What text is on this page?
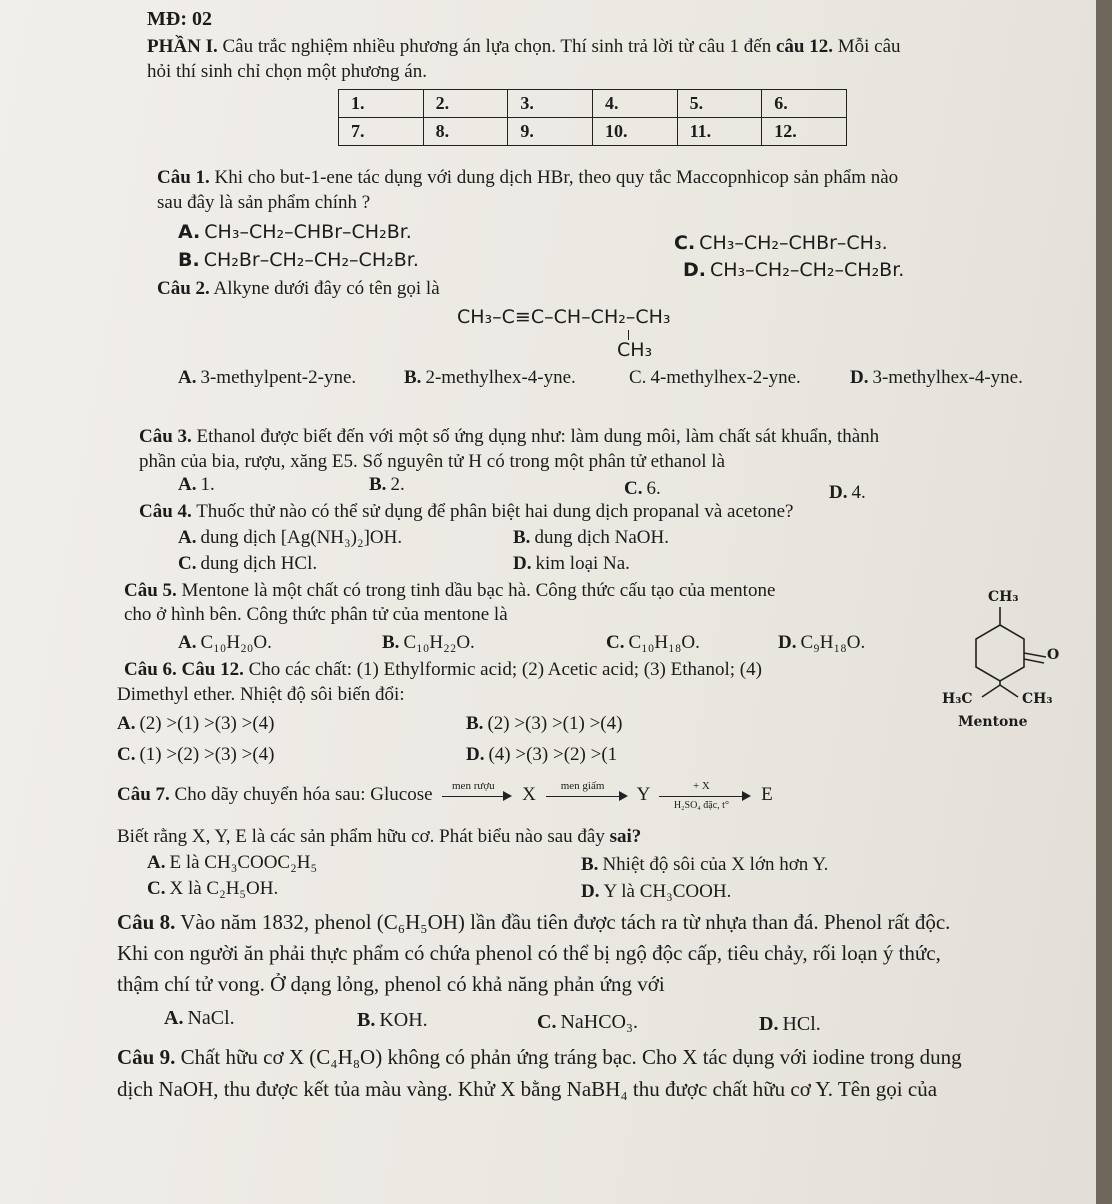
MĐ: 02
PHẦN I. Câu trắc nghiệm nhiều phương án lựa chọn. Thí sinh trả lời từ câu 1 đến câu 12. Mỗi câu
hỏi thí sinh chỉ chọn một phương án.
1.	2.	3.	4.	5.	6.
7.	8.	9.	10.	11.	12.
Câu 1. Khi cho but-1-ene tác dụng với dung dịch HBr, theo quy tắc Maccopnhicop sản phẩm nào
sau đây là sản phẩm chính ?
A. CH₃–CH₂–CHBr–CH₂Br.
B. CH₂Br–CH₂–CH₂–CH₂Br.
C. CH₃–CH₂–CHBr–CH₃.
D. CH₃–CH₂–CH₂–CH₂Br.
Câu 2. Alkyne dưới đây có tên gọi là
CH₃–C≡C–CH–CH₂–CH₃
CH₃
A. 3-methylpent-2-yne.	B. 2-methylhex-4-yne.	C. 4-methylhex-2-yne.	D. 3-methylhex-4-yne.
Câu 3. Ethanol được biết đến với một số ứng dụng như: làm dung môi, làm chất sát khuẩn, thành
phần của bia, rượu, xăng E5. Số nguyên tử H có trong một phân tử ethanol là
A. 1.	B. 2.	C. 6.	D. 4.
Câu 4. Thuốc thử nào có thể sử dụng để phân biệt hai dung dịch propanal và acetone?
A. dung dịch [Ag(NH₃)₂]OH.	B. dung dịch NaOH.
C. dung dịch HCl.	D. kim loại Na.
Câu 5. Mentone là một chất có trong tinh dầu bạc hà. Công thức cấu tạo của mentone
cho ở hình bên. Công thức phân tử của mentone là
A. C₁₀H₂₀O.	B. C₁₀H₂₂O.	C. C₁₀H₁₈O.	D. C₉H₁₈O.
CH₃
O
H₃C	CH₃
Mentone
Câu 6. Câu 12. Cho các chất: (1) Ethylformic acid; (2) Acetic acid; (3) Ethanol; (4)
Dimethyl ether. Nhiệt độ sôi biến đổi:
A. (2) >(1) >(3) >(4)	B. (2) >(3) >(1) >(4)
C. (1) >(2) >(3) >(4)	D. (4) >(3) >(2) >(1
Câu 7. Cho dãy chuyển hóa sau: Glucose	men rượu	X	men giấm	Y	+ X
H₂SO₄ đặc, t°
E
Biết rằng X, Y, E là các sản phẩm hữu cơ. Phát biểu nào sau đây sai?
A. E là CH₃COOC₂H₅	B. Nhiệt độ sôi của X lớn hơn Y.
C. X là C₂H₅OH.	D. Y là CH₃COOH.
Câu 8. Vào năm 1832, phenol (C₆H₅OH) lần đầu tiên được tách ra từ nhựa than đá. Phenol rất độc.
Khi con người ăn phải thực phẩm có chứa phenol có thể bị ngộ độc cấp, tiêu chảy, rối loạn ý thức,
thậm chí tử vong. Ở dạng lỏng, phenol có khả năng phản ứng với
A. NaCl.	B. KOH.	C. NaHCO₃.	D. HCl.
Câu 9. Chất hữu cơ X (C₄H₈O) không có phản ứng tráng bạc. Cho X tác dụng với iodine trong dung
dịch NaOH, thu được kết tủa màu vàng. Khử X bằng NaBH₄ thu được chất hữu cơ Y. Tên gọi của
